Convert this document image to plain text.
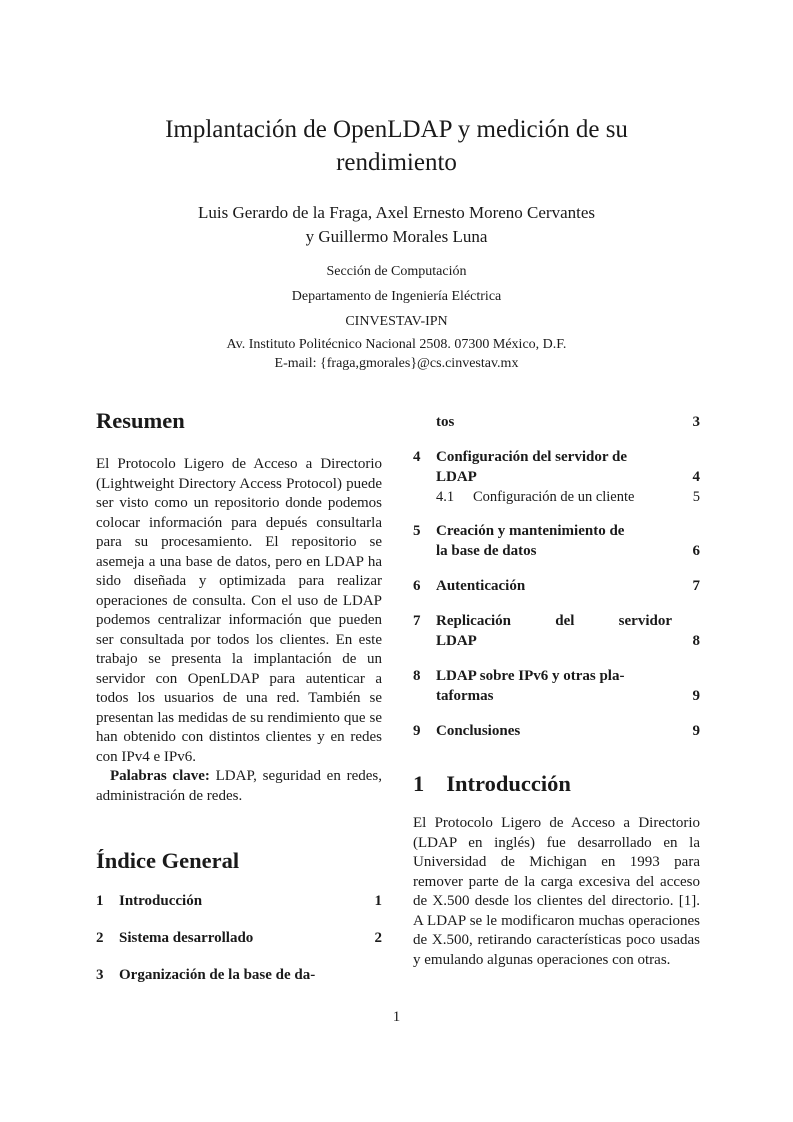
Implantación de OpenLDAP y medición de su
rendimiento
Luis Gerardo de la Fraga, Axel Ernesto Moreno Cervantes
y Guillermo Morales Luna
Sección de Computación
Departamento de Ingeniería Eléctrica
CINVESTAV-IPN
Av. Instituto Politécnico Nacional 2508. 07300 México, D.F.
E-mail: {fraga,gmorales}@cs.cinvestav.mx
Resumen

El Protocolo Ligero de Acceso a Directorio (Lightweight Directory Access Protocol) puede ser visto como un repositorio donde podemos colocar información para depués consultarla para su procesamiento. El repositorio se asemeja a una base de datos, pero en LDAP ha sido diseñada y optimizada para realizar operaciones de consulta. Con el uso de LDAP podemos centralizar información que pueden ser consultada por todos los clientes. En este trabajo se presenta la implantación de un servidor con OpenLDAP para autenticar a todos los usuarios de una red. También se presentan las medidas de su rendimiento que se han obtenido con distintos clientes y en redes con IPv4 e IPv6.

Palabras clave: LDAP, seguridad en redes, administración de redes.

Índice General
1 Introducción	1
2 Sistema desarrollado	2
3 Organización de la base de da-
tos	3
4 Configuración del servidor de
LDAP	4
4.1 Configuración de un cliente	5
5 Creación y mantenimiento de
la base de datos	6
6 Autenticación	7
7 Replicación del servidor
LDAP	8
8 LDAP sobre IPv6 y otras pla-
taformas	9
9 Conclusiones	9
1 Introducción

El Protocolo Ligero de Acceso a Directorio (LDAP en inglés) fue desarrollado en la Universidad de Michigan en 1993 para remover parte de la carga excesiva del acceso de X.500 desde los clientes del directorio. [1]. A LDAP se le modificaron muchas operaciones de X.500, retirando características poco usadas y emulando algunas operaciones con otras.

1
